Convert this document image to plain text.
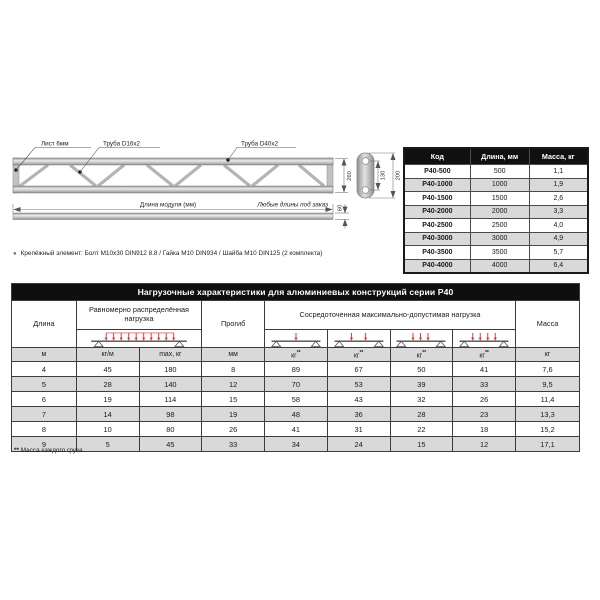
Лист 6мм	Труба D16x2	Труба D40x2
260	130 200
Длина модуля (мм)	Любые длины под заказ 60
Код	Длина, мм	Масса, кг
P40-500	500	1,1
P40-1000	1000	1,9
P40-1500	1500	2,6
P40-2000	2000	3,3
P40-2500	2500	4,0
P40-3000	3000	4,9
P40-3500	3500	5,7
P40-4000	4000	6,4
● Крепёжный элемент: Болт M10x30 DIN912 8.8 / Гайка M10 DIN934 / Шайба M10 DIN125 (2 комплекта)
Нагрузочные характеристики для алюминиевых конструкций серии P40								
Длина	Равномерно распределённая нагрузка		Прогиб	Сосредоточенная максимально-допустимая нагрузка				Масса

м	кг/м	max, кг	мм	кг**	кг**	кг**	кг**	кг
4	45	180	8	89	67	50	41	7,6
5	28	140	12	70	53	39	33	9,5
6	19	114	15	58	43	32	26	11,4
7	14	98	19	48	36	28	23	13,3
8	10	80	26	41	31	22	18	15,2
9	5	45	33	34	24	15	12	17,1
** Масса каждого груза
